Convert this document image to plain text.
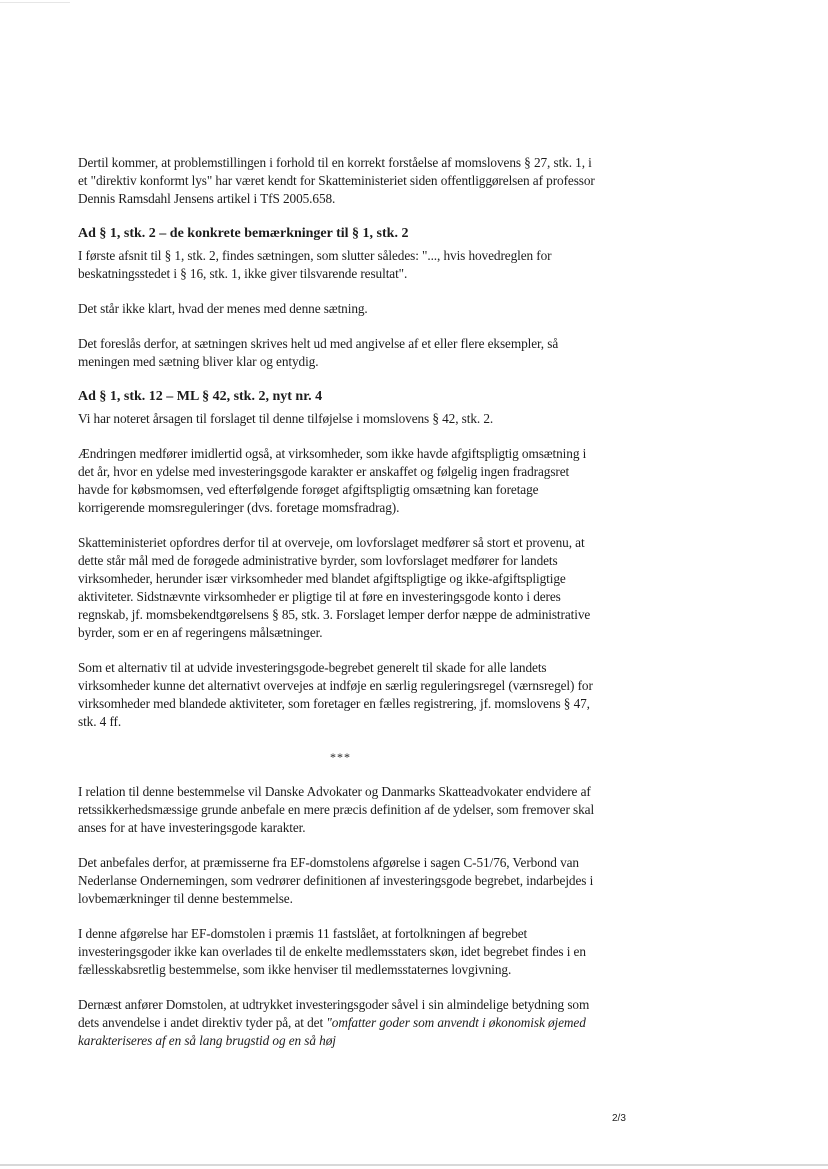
Dertil kommer, at problemstillingen i forhold til en korrekt forståelse af momslovens § 27, stk. 1, i et "direktiv konformt lys" har været kendt for Skatteministeriet siden offentliggørelsen af professor Dennis Ramsdahl Jensens artikel i TfS 2005.658.

Ad § 1, stk. 2 – de konkrete bemærkninger til § 1, stk. 2

I første afsnit til § 1, stk. 2, findes sætningen, som slutter således: "..., hvis hovedreglen for beskatningsstedet i § 16, stk. 1, ikke giver tilsvarende resultat".

Det står ikke klart, hvad der menes med denne sætning.

Det foreslås derfor, at sætningen skrives helt ud med angivelse af et eller flere eksempler, så meningen med sætning bliver klar og entydig.

Ad § 1, stk. 12 – ML § 42, stk. 2, nyt nr. 4

Vi har noteret årsagen til forslaget til denne tilføjelse i momslovens § 42, stk. 2.

Ændringen medfører imidlertid også, at virksomheder, som ikke havde afgiftspligtig omsætning i det år, hvor en ydelse med investeringsgode karakter er anskaffet og følgelig ingen fradragsret havde for købsmomsen, ved efterfølgende forøget afgiftspligtig omsætning kan foretage korrigerende momsreguleringer (dvs. foretage momsfradrag).

Skatteministeriet opfordres derfor til at overveje, om lovforslaget medfører så stort et provenu, at dette står mål med de forøgede administrative byrder, som lovforslaget medfører for landets virksomheder, herunder især virksomheder med blandet afgiftspligtige og ikke-afgiftspligtige aktiviteter. Sidstnævnte virksomheder er pligtige til at føre en investeringsgode konto i deres regnskab, jf. momsbekendtgørelsens § 85, stk. 3. Forslaget lemper derfor næppe de administrative byrder, som er en af regeringens målsætninger.

Som et alternativ til at udvide investeringsgode-begrebet generelt til skade for alle landets virksomheder kunne det alternativt overvejes at indføje en særlig reguleringsregel (værnsregel) for virksomheder med blandede aktiviteter, som foretager en fælles registrering, jf. momslovens § 47, stk. 4 ff.

***

I relation til denne bestemmelse vil Danske Advokater og Danmarks Skatteadvokater endvidere af retssikkerhedsmæssige grunde anbefale en mere præcis definition af de ydelser, som fremover skal anses for at have investeringsgode karakter.

Det anbefales derfor, at præmisserne fra EF-domstolens afgørelse i sagen C-51/76, Verbond van Nederlanse Ondernemingen, som vedrører definitionen af investeringsgode begrebet, indarbejdes i lovbemærkninger til denne bestemmelse.

I denne afgørelse har EF-domstolen i præmis 11 fastslået, at fortolkningen af begrebet investeringsgoder ikke kan overlades til de enkelte medlemsstaters skøn, idet begrebet findes i en fællesskabsretlig bestemmelse, som ikke henviser til medlemsstaternes lovgivning.

Dernæst anfører Domstolen, at udtrykket investeringsgoder såvel i sin almindelige betydning som dets anvendelse i andet direktiv tyder på, at det "omfatter goder som anvendt i økonomisk øjemed karakteriseres af en så lang brugstid og en så høj

2/3
